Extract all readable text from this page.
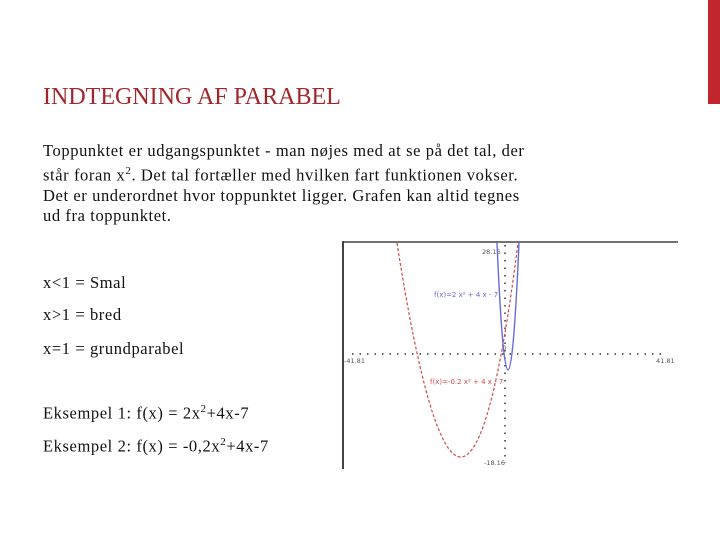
INDTEGNING AF PARABEL
Toppunktet er udgangspunktet - man nøjes med at se på det tal, der
står foran $x^2$. Det tal fortæller med hvilken fart funktionen vokser.
Det er underordnet hvor toppunktet ligger. Grafen kan altid tegnes
ud fra toppunktet.
x<1 = Smal
x>1 = bred
x=1 = grundparabel
Eksempel 1: $f(x) = 2x^2+4x-7$
Eksempel 2: $f(x) = -0,2x^2+4x-7$
28.16
-18.16
-41.81	41.81
0
f(x)=2 x² + 4 x - 7
f(x)=-0.2 x² + 4 x - 7
